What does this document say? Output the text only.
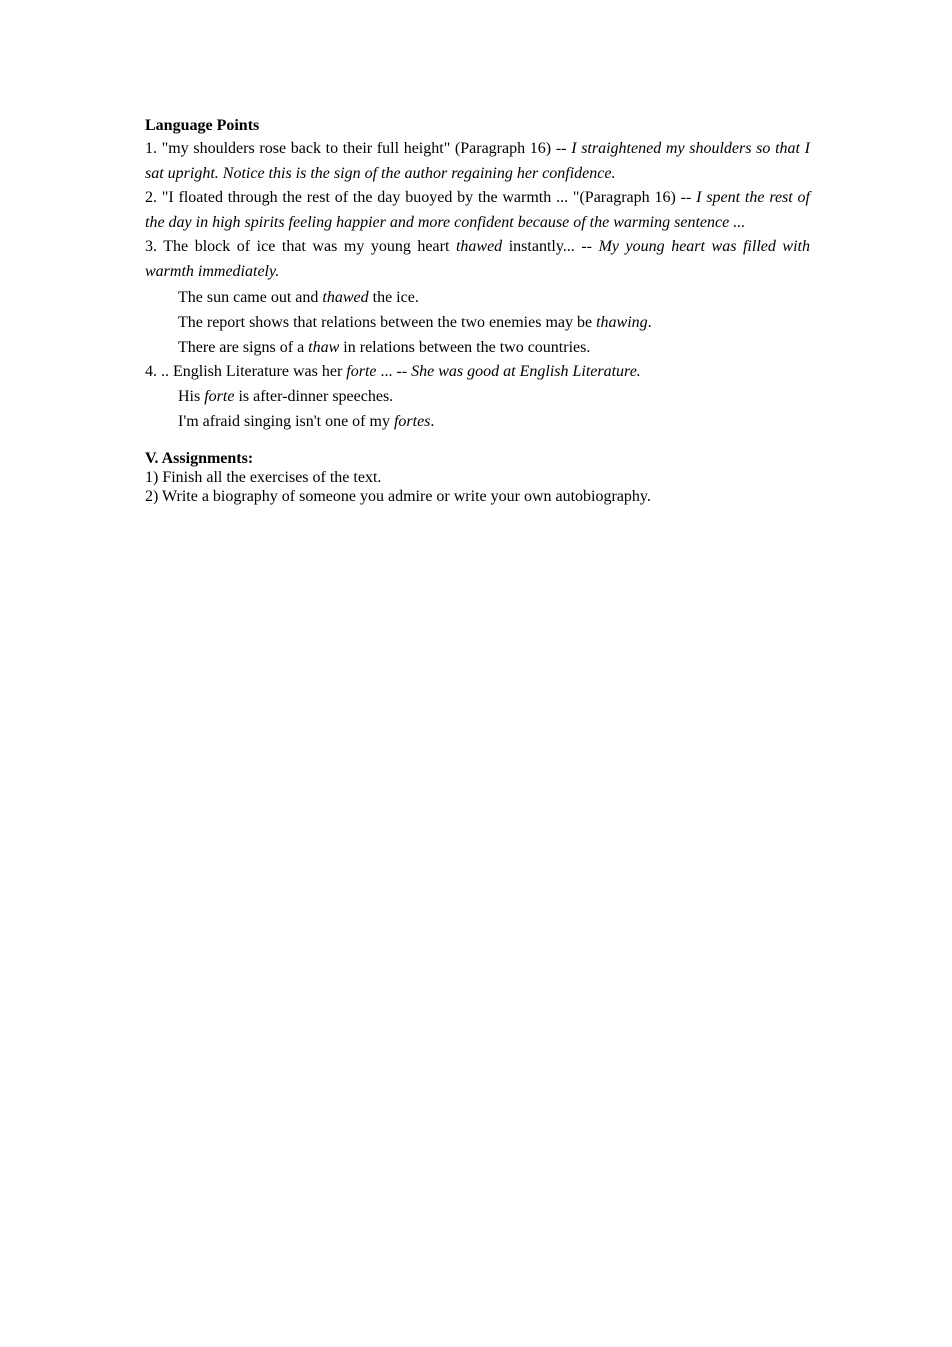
Language Points
1. "my shoulders rose back to their full height" (Paragraph 16) -- I straightened my shoulders so that I sat upright. Notice this is the sign of the author regaining her confidence.
2. "I floated through the rest of the day buoyed by the warmth ... "(Paragraph 16) -- I spent the rest of the day in high spirits feeling happier and more confident because of the warming sentence ...
3. The block of ice that was my young heart thawed instantly... -- My young heart was filled with warmth immediately.
The sun came out and thawed the ice.
The report shows that relations between the two enemies may be thawing.
There are signs of a thaw in relations between the two countries.
4. .. English Literature was her forte ... -- She was good at English Literature.
His forte is after-dinner speeches.
I'm afraid singing isn't one of my fortes.
V. Assignments:
1) Finish all the exercises of the text.
2) Write a biography of someone you admire or write your own autobiography.
